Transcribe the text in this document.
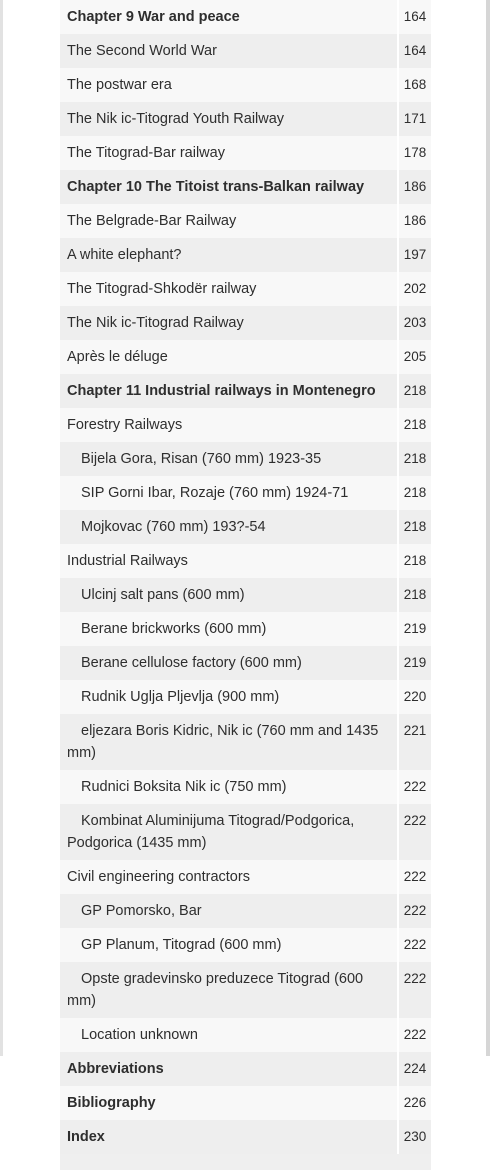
Chapter 9 War and peace	164
The Second World War	164
The postwar era	168
The Nik ic-Titograd Youth Railway	171
The Titograd-Bar railway	178
Chapter 10 The Titoist trans-Balkan railway	186
The Belgrade-Bar Railway	186
A white elephant?	197
The Titograd-Shkodër railway	202
The Nik ic-Titograd Railway	203
Après le déluge	205
Chapter 11 Industrial railways in Montenegro	218
Forestry Railways	218
Bijela Gora, Risan (760 mm) 1923-35	218
SIP Gorni Ibar, Rozaje (760 mm) 1924-71	218
Mojkovac (760 mm) 193?-54	218
Industrial Railways	218
Ulcinj salt pans (600 mm)	218
Berane brickworks (600 mm)	219
Berane cellulose factory (600 mm)	219
Rudnik Uglja Pljevlja (900 mm)	220
eljezara Boris Kidric, Nik ic (760 mm and 1435 mm)	221
Rudnici Boksita Nik ic (750 mm)	222
Kombinat Aluminijuma Titograd/Podgorica, Podgorica (1435 mm)	222
Civil engineering contractors	222
GP Pomorsko, Bar	222
GP Planum, Titograd (600 mm)	222
Opste gradevinsko preduzece Titograd (600 mm)	222
Location unknown	222
Abbreviations	224
Bibliography	226
Index	230
